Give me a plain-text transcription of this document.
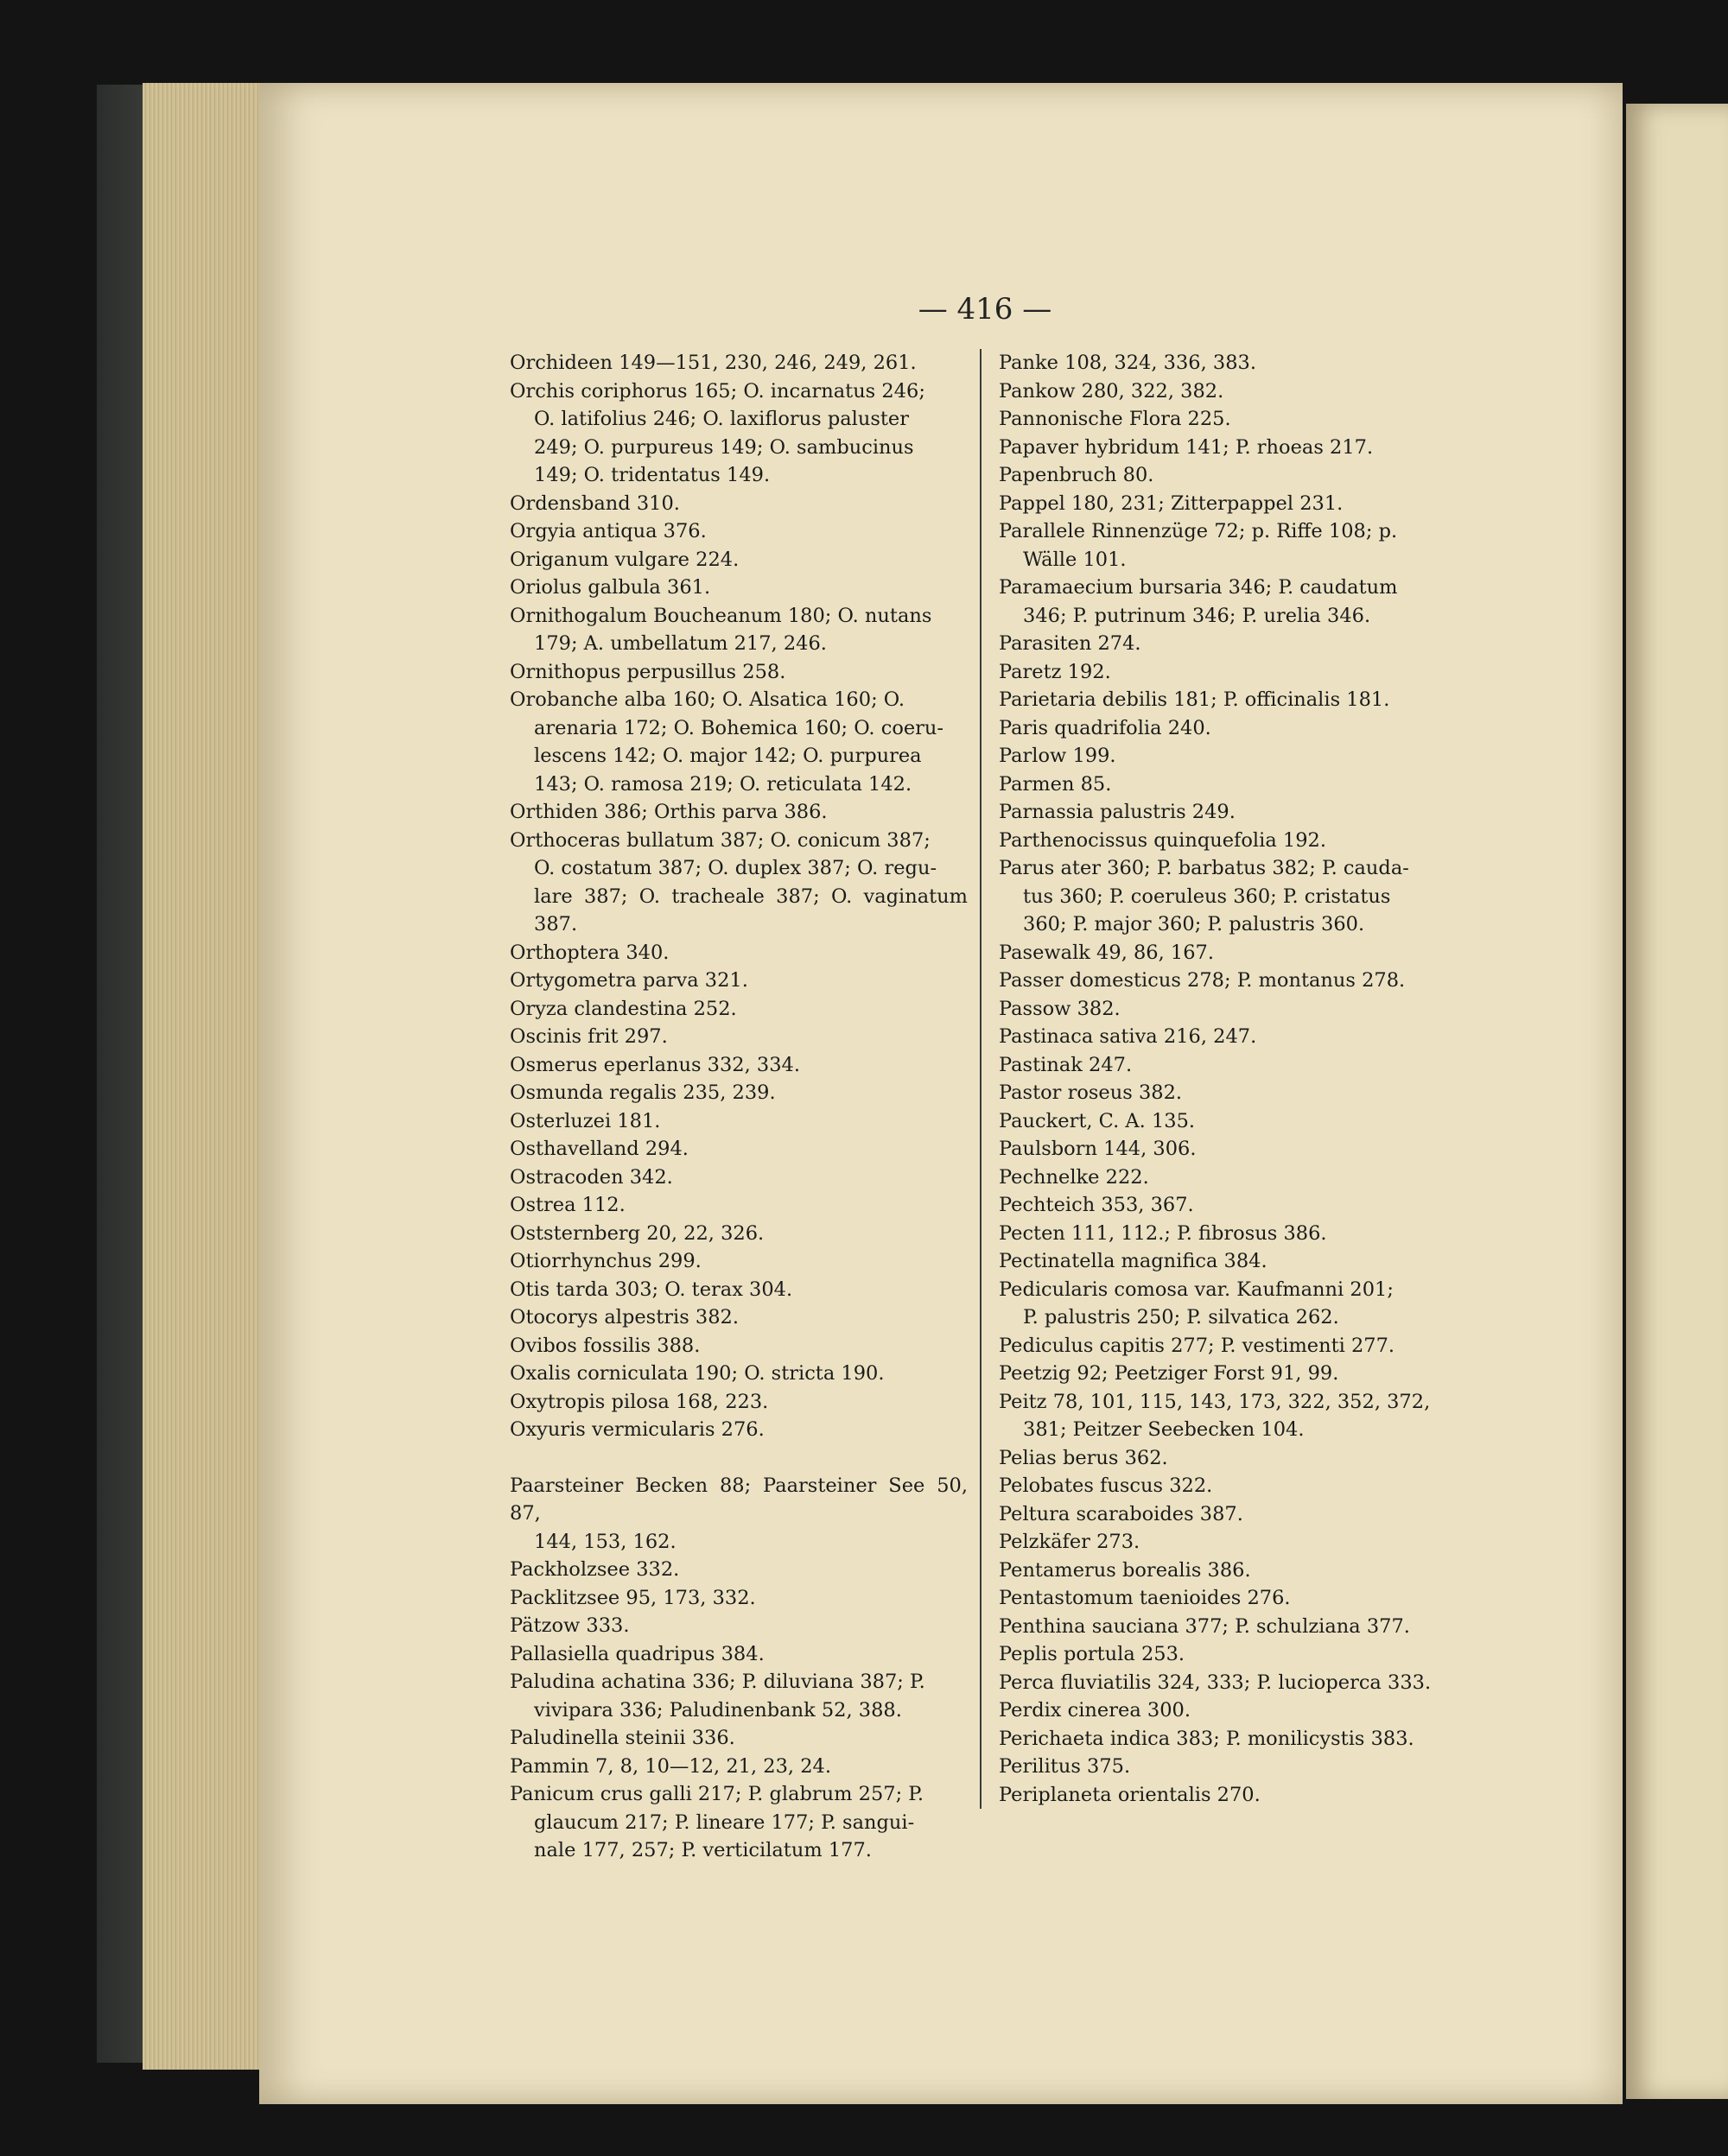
— 416 —
Orchideen 149—151, 230, 246, 249, 261.
Orchis coriphorus 165; O. incarnatus 246;
O. latifolius 246; O. laxiflorus paluster
249; O. purpureus 149; O. sambucinus
149; O. tridentatus 149.
Ordensband 310.
Orgyia antiqua 376.
Origanum vulgare 224.
Oriolus galbula 361.
Ornithogalum Boucheanum 180; O. nutans
179; A. umbellatum 217, 246.
Ornithopus perpusillus 258.
Orobanche alba 160; O. Alsatica 160; O.
arenaria 172; O. Bohemica 160; O. coeru-
lescens 142; O. major 142; O. purpurea
143; O. ramosa 219; O. reticulata 142.
Orthiden 386; Orthis parva 386.
Orthoceras bullatum 387; O. conicum 387;
O. costatum 387; O. duplex 387; O. regu-
lare 387; O. tracheale 387; O. vaginatum 387.
Orthoptera 340.
Ortygometra parva 321.
Oryza clandestina 252.
Oscinis frit 297.
Osmerus eperlanus 332, 334.
Osmunda regalis 235, 239.
Osterluzei 181.
Osthavelland 294.
Ostracoden 342.
Ostrea 112.
Oststernberg 20, 22, 326.
Otiorrhynchus 299.
Otis tarda 303; O. terax 304.
Otocorys alpestris 382.
Ovibos fossilis 388.
Oxalis corniculata 190; O. stricta 190.
Oxytropis pilosa 168, 223.
Oxyuris vermicularis 276.
Paarsteiner Becken 88; Paarsteiner See 50, 87,
144, 153, 162.
Packholzsee 332.
Packlitzsee 95, 173, 332.
Pätzow 333.
Pallasiella quadripus 384.
Paludina achatina 336; P. diluviana 387; P.
vivipara 336; Paludinenbank 52, 388.
Paludinella steinii 336.
Pammin 7, 8, 10—12, 21, 23, 24.
Panicum crus galli 217; P. glabrum 257; P.
glaucum 217; P. lineare 177; P. sangui-
nale 177, 257; P. verticilatum 177.
Panke 108, 324, 336, 383.
Pankow 280, 322, 382.
Pannonische Flora 225.
Papaver hybridum 141; P. rhoeas 217.
Papenbruch 80.
Pappel 180, 231; Zitterpappel 231.
Parallele Rinnenzüge 72; p. Riffe 108; p.
Wälle 101.
Paramaecium bursaria 346; P. caudatum
346; P. putrinum 346; P. urelia 346.
Parasiten 274.
Paretz 192.
Parietaria debilis 181; P. officinalis 181.
Paris quadrifolia 240.
Parlow 199.
Parmen 85.
Parnassia palustris 249.
Parthenocissus quinquefolia 192.
Parus ater 360; P. barbatus 382; P. cauda-
tus 360; P. coeruleus 360; P. cristatus
360; P. major 360; P. palustris 360.
Pasewalk 49, 86, 167.
Passer domesticus 278; P. montanus 278.
Passow 382.
Pastinaca sativa 216, 247.
Pastinak 247.
Pastor roseus 382.
Pauckert, C. A. 135.
Paulsborn 144, 306.
Pechnelke 222.
Pechteich 353, 367.
Pecten 111, 112.; P. fibrosus 386.
Pectinatella magnifica 384.
Pedicularis comosa var. Kaufmanni 201;
P. palustris 250; P. silvatica 262.
Pediculus capitis 277; P. vestimenti 277.
Peetzig 92; Peetziger Forst 91, 99.
Peitz 78, 101, 115, 143, 173, 322, 352, 372,
381; Peitzer Seebecken 104.
Pelias berus 362.
Pelobates fuscus 322.
Peltura scaraboides 387.
Pelzkäfer 273.
Pentamerus borealis 386.
Pentastomum taenioides 276.
Penthina sauciana 377; P. schulziana 377.
Peplis portula 253.
Perca fluviatilis 324, 333; P. lucioperca 333.
Perdix cinerea 300.
Perichaeta indica 383; P. monilicystis 383.
Perilitus 375.
Periplaneta orientalis 270.
